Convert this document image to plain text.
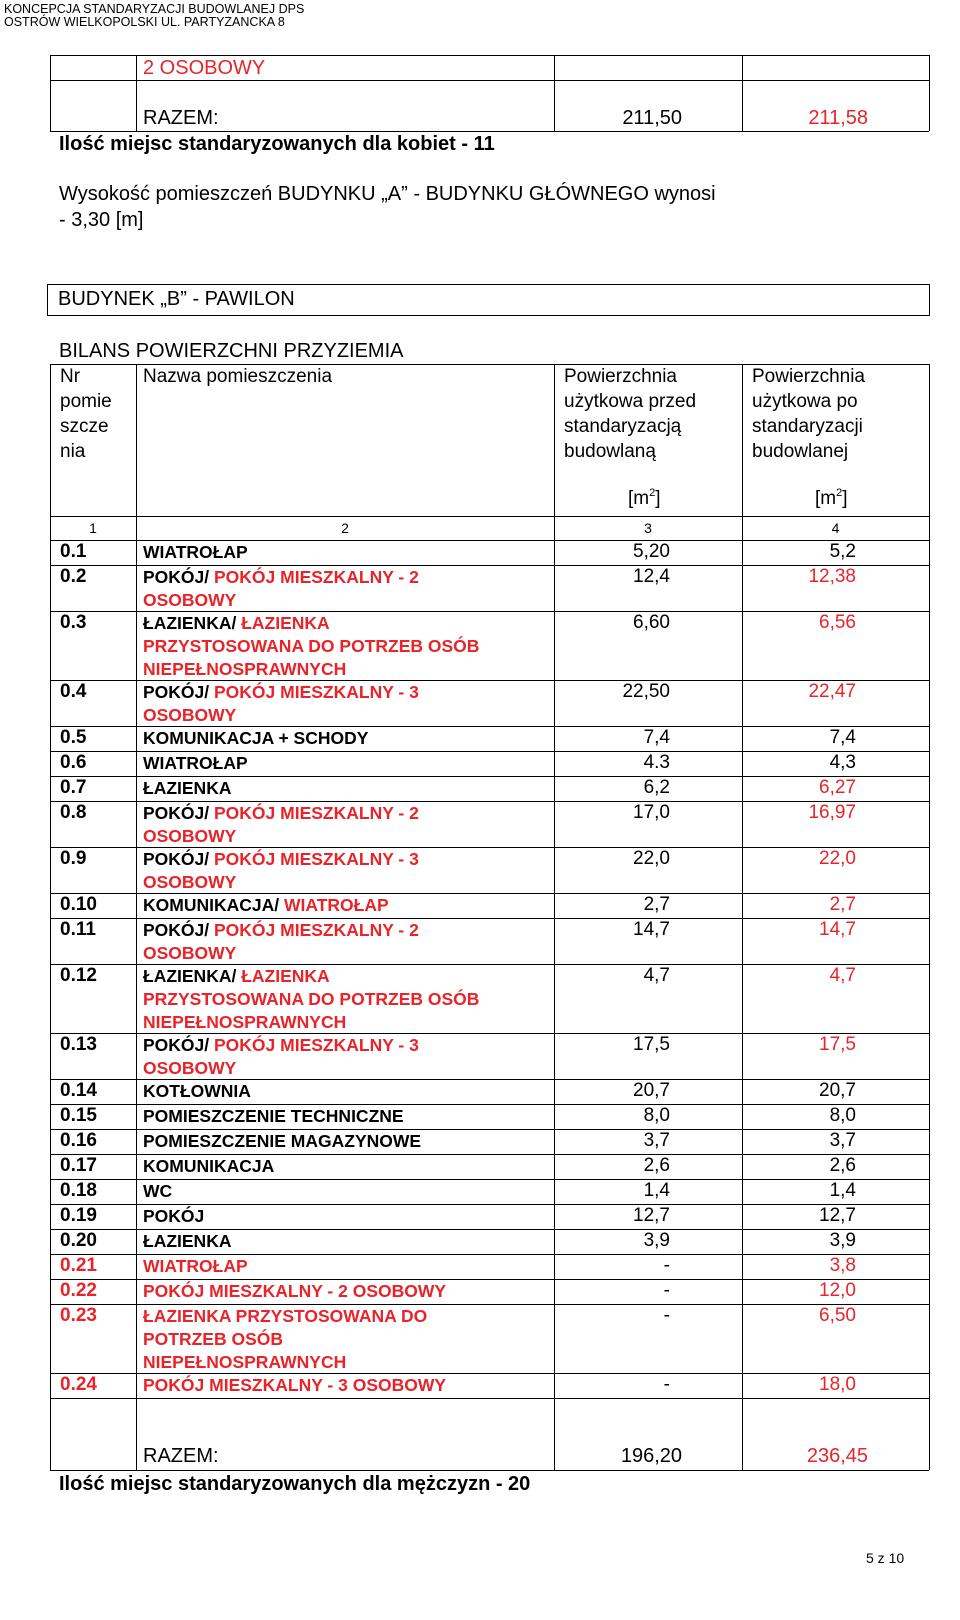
KONCEPCJA STANDARYZACJI BUDOWLANEJ DPS
OSTRÓW WIELKOPOLSKI UL. PARTYZANCKA 8
2 OSOBOWY
RAZEM:	211,50	211,58
Ilość miejsc standaryzowanych dla kobiet - 11
Wysokość pomieszczeń BUDYNKU „A” - BUDYNKU GŁÓWNEGO wynosi
- 3,30 [m]
BUDYNEK „B” - PAWILON
BILANS POWIERZCHNI PRZYZIEMIA
Nr
pomie
szcze
nia
Nazwa pomieszczenia	Powierzchnia
użytkowa przed
standaryzacją
budowlaną
Powierzchnia
użytkowa po
standaryzacji
budowlanej
$[m^2]$	$[m^2]$
1	2	3	4
0.1	WIATROŁAP	5,20	5,2
0.2	POKÓJ/ POKÓJ MIESZKALNY - 2
OSOBOWY
12,4	12,38
0.3	ŁAZIENKA/ ŁAZIENKA
PRZYSTOSOWANA DO POTRZEB OSÓB
NIEPEŁNOSPRAWNYCH
6,60	6,56
0.4	POKÓJ/ POKÓJ MIESZKALNY - 3
OSOBOWY
22,50	22,47
0.5	KOMUNIKACJA + SCHODY	7,4	7,4
0.6	WIATROŁAP	4.3	4,3
0.7	ŁAZIENKA	6,2	6,27
0.8	POKÓJ/ POKÓJ MIESZKALNY - 2
OSOBOWY
17,0	16,97
0.9	POKÓJ/ POKÓJ MIESZKALNY - 3
OSOBOWY
22,0	22,0
0.10	KOMUNIKACJA/ WIATROŁAP	2,7	2,7
0.11	POKÓJ/ POKÓJ MIESZKALNY - 2
OSOBOWY
14,7	14,7
0.12	ŁAZIENKA/ ŁAZIENKA
PRZYSTOSOWANA DO POTRZEB OSÓB
NIEPEŁNOSPRAWNYCH
4,7	4,7
0.13	POKÓJ/ POKÓJ MIESZKALNY - 3
OSOBOWY
17,5	17,5
0.14	KOTŁOWNIA	20,7	20,7
0.15	POMIESZCZENIE TECHNICZNE	8,0	8,0
0.16	POMIESZCZENIE MAGAZYNOWE	3,7	3,7
0.17	KOMUNIKACJA	2,6	2,6
0.18	WC	1,4	1,4
0.19	POKÓJ	12,7	12,7
0.20	ŁAZIENKA	3,9	3,9
0.21	WIATROŁAP	-	3,8
0.22	POKÓJ MIESZKALNY - 2 OSOBOWY	-	12,0
0.23	ŁAZIENKA PRZYSTOSOWANA DO
POTRZEB OSÓB
NIEPEŁNOSPRAWNYCH
-	6,50
0.24	POKÓJ MIESZKALNY - 3 OSOBOWY	-	18,0
RAZEM:	196,20	236,45
Ilość miejsc standaryzowanych dla mężczyzn - 20
5 z 10
